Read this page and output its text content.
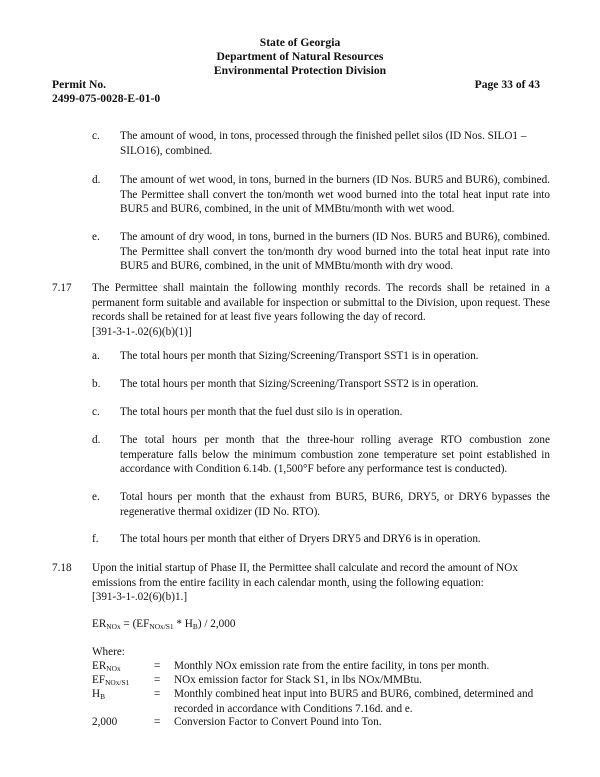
State of Georgia
Department of Natural Resources
Environmental Protection Division
Permit No.
2499-075-0028-E-01-0
Page 33 of 43
c. The amount of wood, in tons, processed through the finished pellet silos (ID Nos. SILO1 – SILO16), combined.
d. The amount of wet wood, in tons, burned in the burners (ID Nos. BUR5 and BUR6), combined. The Permittee shall convert the ton/month wet wood burned into the total heat input rate into BUR5 and BUR6, combined, in the unit of MMBtu/month with wet wood.
e. The amount of dry wood, in tons, burned in the burners (ID Nos. BUR5 and BUR6), combined. The Permittee shall convert the ton/month dry wood burned into the total heat input rate into BUR5 and BUR6, combined, in the unit of MMBtu/month with dry wood.
7.17 The Permittee shall maintain the following monthly records. The records shall be retained in a permanent form suitable and available for inspection or submittal to the Division, upon request. These records shall be retained for at least five years following the day of record.
[391-3-1-.02(6)(b)(1)]
a. The total hours per month that Sizing/Screening/Transport SST1 is in operation.
b. The total hours per month that Sizing/Screening/Transport SST2 is in operation.
c. The total hours per month that the fuel dust silo is in operation.
d. The total hours per month that the three-hour rolling average RTO combustion zone temperature falls below the minimum combustion zone temperature set point established in accordance with Condition 6.14b. (1,500°F before any performance test is conducted).
e. Total hours per month that the exhaust from BUR5, BUR6, DRY5, or DRY6 bypasses the regenerative thermal oxidizer (ID No. RTO).
f. The total hours per month that either of Dryers DRY5 and DRY6 is in operation.
7.18 Upon the initial startup of Phase II, the Permittee shall calculate and record the amount of NOx emissions from the entire facility in each calendar month, using the following equation:
[391-3-1-.02(6)(b)1.]
$ER_{NOx} = (EF_{NOx/S1} * H_B) / 2,000$
Where:
$ER_{NOx}$	= Monthly NOx emission rate from the entire facility, in tons per month.
$EF_{NOx/S1}$ = NOx emission factor for Stack S1, in lbs NOx/MMBtu.
$H_B$	= Monthly combined heat input into BUR5 and BUR6, combined, determined and recorded in accordance with Conditions 7.16d. and e.
2,000	= Conversion Factor to Convert Pound into Ton.
